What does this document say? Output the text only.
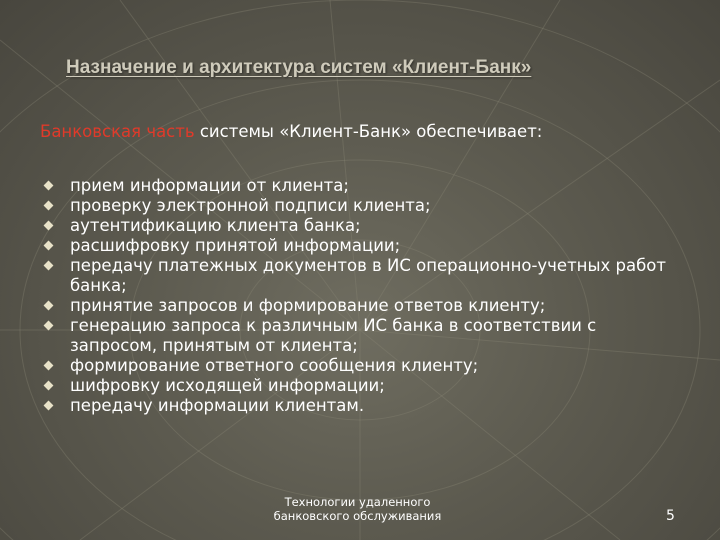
Назначение и архитектура систем «Клиент-Банк»
Банковская часть системы «Клиент-Банк» обеспечивает:
прием информации от клиента;
проверку электронной подписи клиента;
аутентификацию клиента банка;
расшифровку принятой информации;
передачу платежных документов в ИС операционно-учетных работ банка;
принятие запросов и формирование ответов клиенту;
генерацию запроса к различным ИС банка в соответствии с запросом, принятым от клиента;
формирование ответного сообщения клиенту;
шифровку исходящей информации;
передачу информации клиентам.
Технологии удаленного банковского обслуживания	5
